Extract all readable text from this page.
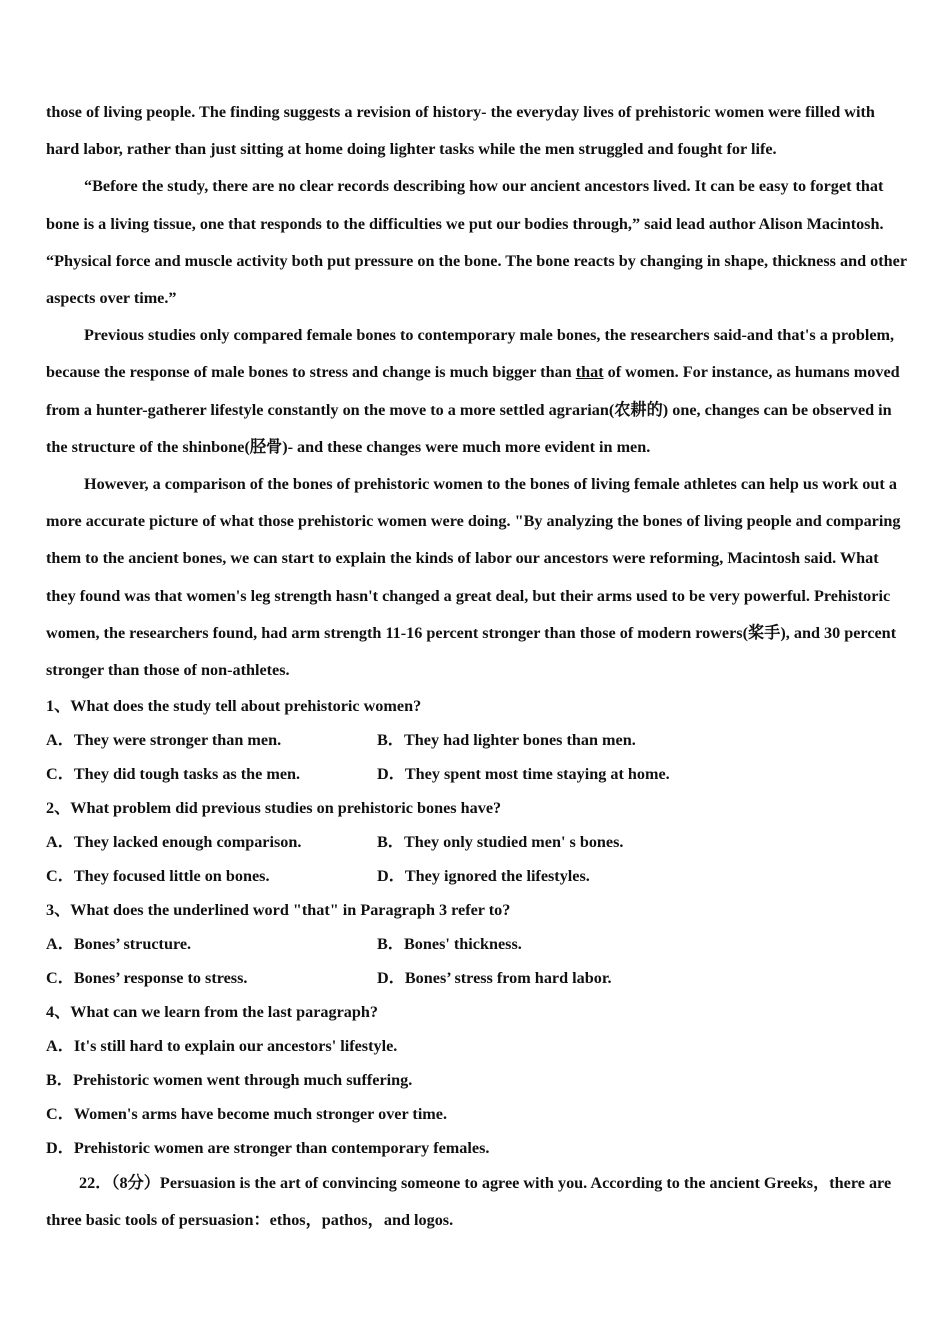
those of living people. The finding suggests a revision of history- the everyday lives of prehistoric women were filled with hard labor, rather than just sitting at home doing lighter tasks while the men struggled and fought for life.

“Before the study, there are no clear records describing how our ancient ancestors lived. It can be easy to forget that bone is a living tissue, one that responds to the difficulties we put our bodies through,” said lead author Alison Macintosh. “Physical force and muscle activity both put pressure on the bone. The bone reacts by changing in shape, thickness and other aspects over time.”

Previous studies only compared female bones to contemporary male bones, the researchers said-and that's a problem, because the response of male bones to stress and change is much bigger than that of women. For instance, as humans moved from a hunter-gatherer lifestyle constantly on the move to a more settled agrarian(农耕的) one, changes can be observed in the structure of the shinbone(胫骨)- and these changes were much more evident in men.

However, a comparison of the bones of prehistoric women to the bones of living female athletes can help us work out a more accurate picture of what those prehistoric women were doing. "By analyzing the bones of living people and comparing them to the ancient bones, we can start to explain the kinds of labor our ancestors were reforming, Macintosh said. What they found was that women's leg strength hasn't changed a great deal, but their arms used to be very powerful. Prehistoric women, the researchers found, had arm strength 11-16 percent stronger than those of modern rowers(桨手), and 30 percent stronger than those of non-athletes.

1、What does the study tell about prehistoric women?

A．They were stronger than men.	B．They had lighter bones than men.
C．They did tough tasks as the men.	D．They spent most time staying at home.

2、What problem did previous studies on prehistoric bones have?

A．They lacked enough comparison.	B．They only studied men' s bones.
C．They focused little on bones.	D．They ignored the lifestyles.

3、What does the underlined word "that" in Paragraph 3 refer to?

A．Bones’ structure.	B．Bones' thickness.
C．Bones’ response to stress.	D．Bones’ stress from hard labor.

4、What can we learn from the last paragraph?

A．It's still hard to explain our ancestors' lifestyle.
B．Prehistoric women went through much suffering.
C．Women's arms have become much stronger over time.
D．Prehistoric women are stronger than contemporary females.

22．（8分）Persuasion is the art of convincing someone to agree with you. According to the ancient Greeks，there are three basic tools of persuasion：ethos，pathos，and logos.
